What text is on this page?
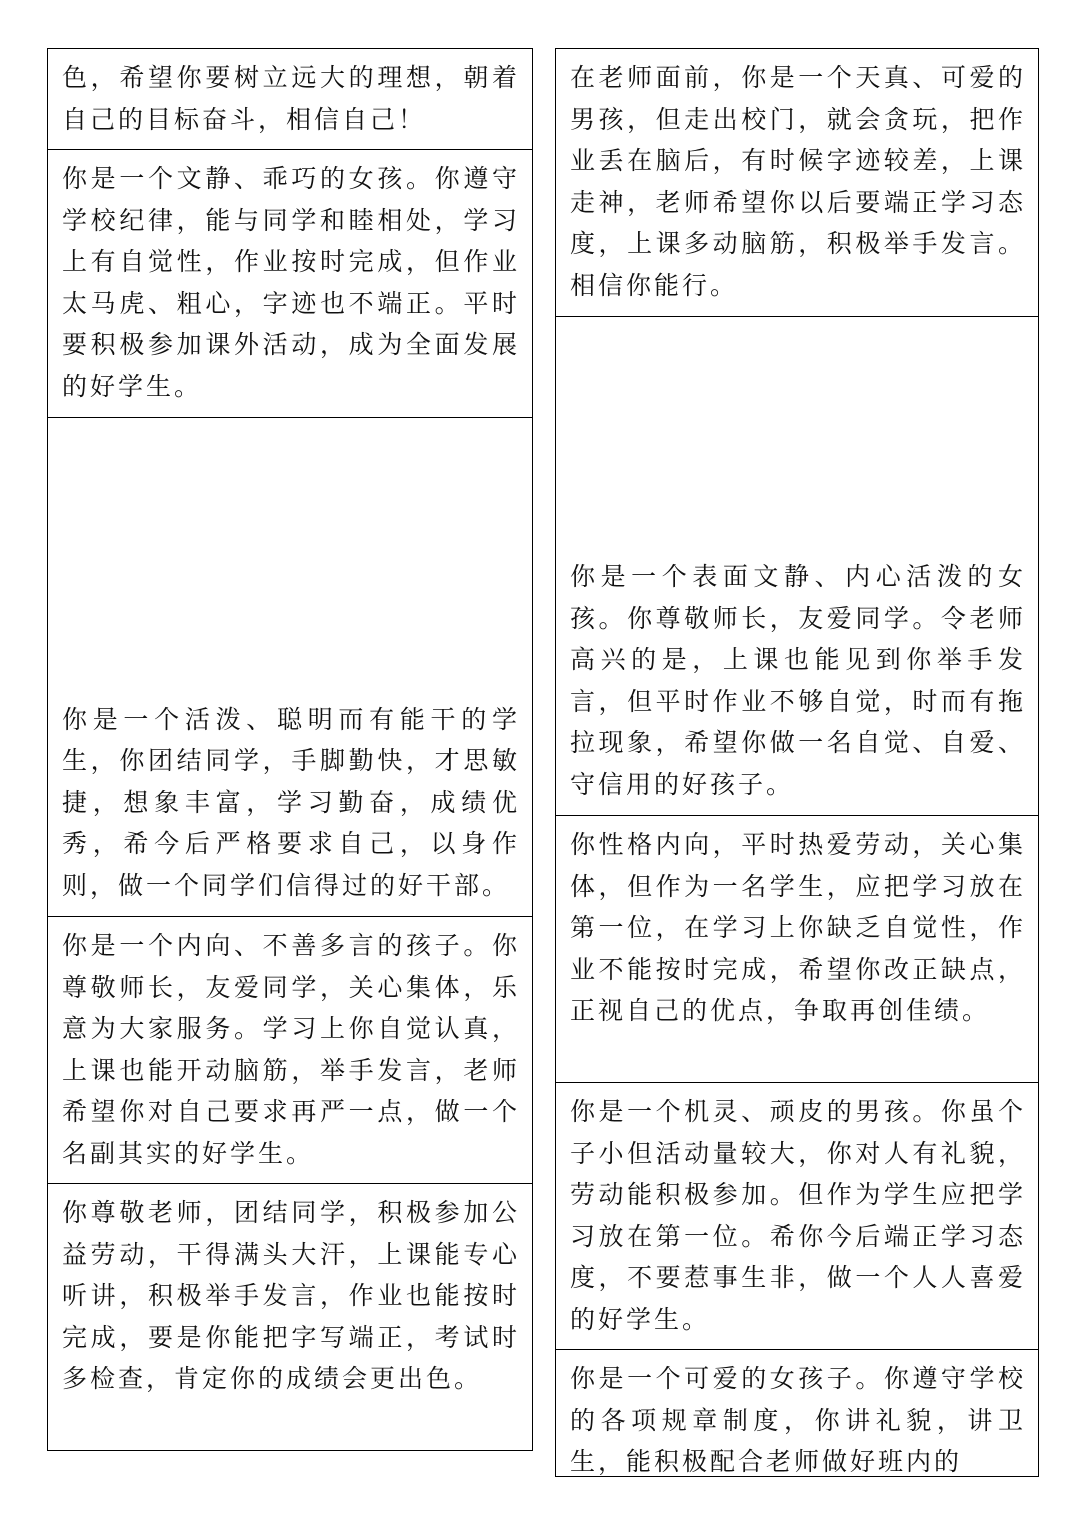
色，希望你要树立远大的理想，朝着自己的目标奋斗，相信自己！

你是一个文静、乖巧的女孩。你遵守学校纪律，能与同学和睦相处，学习上有自觉性，作业按时完成，但作业太马虎、粗心，字迹也不端正。平时要积极参加课外活动，成为全面发展的好学生。

你是一个活泼、聪明而有能干的学生，你团结同学，手脚勤快，才思敏捷，想象丰富，学习勤奋，成绩优秀，希今后严格要求自己，以身作则，做一个同学们信得过的好干部。

你是一个内向、不善多言的孩子。你尊敬师长，友爱同学，关心集体，乐意为大家服务。学习上你自觉认真，上课也能开动脑筋，举手发言，老师希望你对自己要求再严一点，做一个名副其实的好学生。

你尊敬老师，团结同学，积极参加公益劳动，干得满头大汗，上课能专心听讲，积极举手发言，作业也能按时完成，要是你能把字写端正，考试时多检查，肯定你的成绩会更出色。

在老师面前，你是一个天真、可爱的男孩，但走出校门，就会贪玩，把作业丢在脑后，有时候字迹较差，上课走神，老师希望你以后要端正学习态度，上课多动脑筋，积极举手发言。相信你能行。

你是一个表面文静、内心活泼的女孩。你尊敬师长，友爱同学。令老师高兴的是，上课也能见到你举手发言，但平时作业不够自觉，时而有拖拉现象，希望你做一名自觉、自爱、守信用的好孩子。

你性格内向，平时热爱劳动，关心集体，但作为一名学生，应把学习放在第一位，在学习上你缺乏自觉性，作业不能按时完成，希望你改正缺点，正视自己的优点，争取再创佳绩。

你是一个机灵、顽皮的男孩。你虽个子小但活动量较大，你对人有礼貌，劳动能积极参加。但作为学生应把学习放在第一位。希你今后端正学习态度，不要惹事生非，做一个人人喜爱的好学生。

你是一个可爱的女孩子。你遵守学校的各项规章制度，你讲礼貌，讲卫生，能积极配合老师做好班内的
